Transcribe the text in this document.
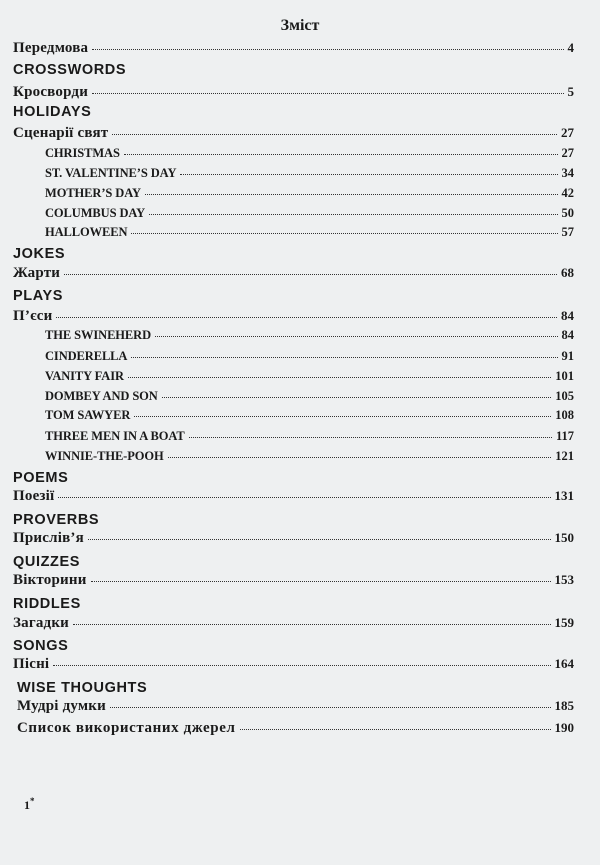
Зміст
Передмова	4
CROSSWORDS
Кросворди	5
HOLIDAYS
Сценарії свят	27
CHRISTMAS	27
ST. VALENTINE’S DAY	34
MOTHER’S DAY	42
COLUMBUS DAY	50
HALLOWEEN	57
JOKES
Жарти	68
PLAYS
П’єси	84
THE SWINEHERD	84
CINDERELLA	91
VANITY FAIR	101
DOMBEY AND SON	105
TOM SAWYER	108
THREE MEN IN A BOAT	117
WINNIE-THE-POOH	121
POEMS
Поезії	131
PROVERBS
Прислів’я	150
QUIZZES
Вікторини	153
RIDDLES
Загадки	159
SONGS
Пісні	164
WISE THOUGHTS
Мудрі думки	185
Список використаних джерел	190
1*
